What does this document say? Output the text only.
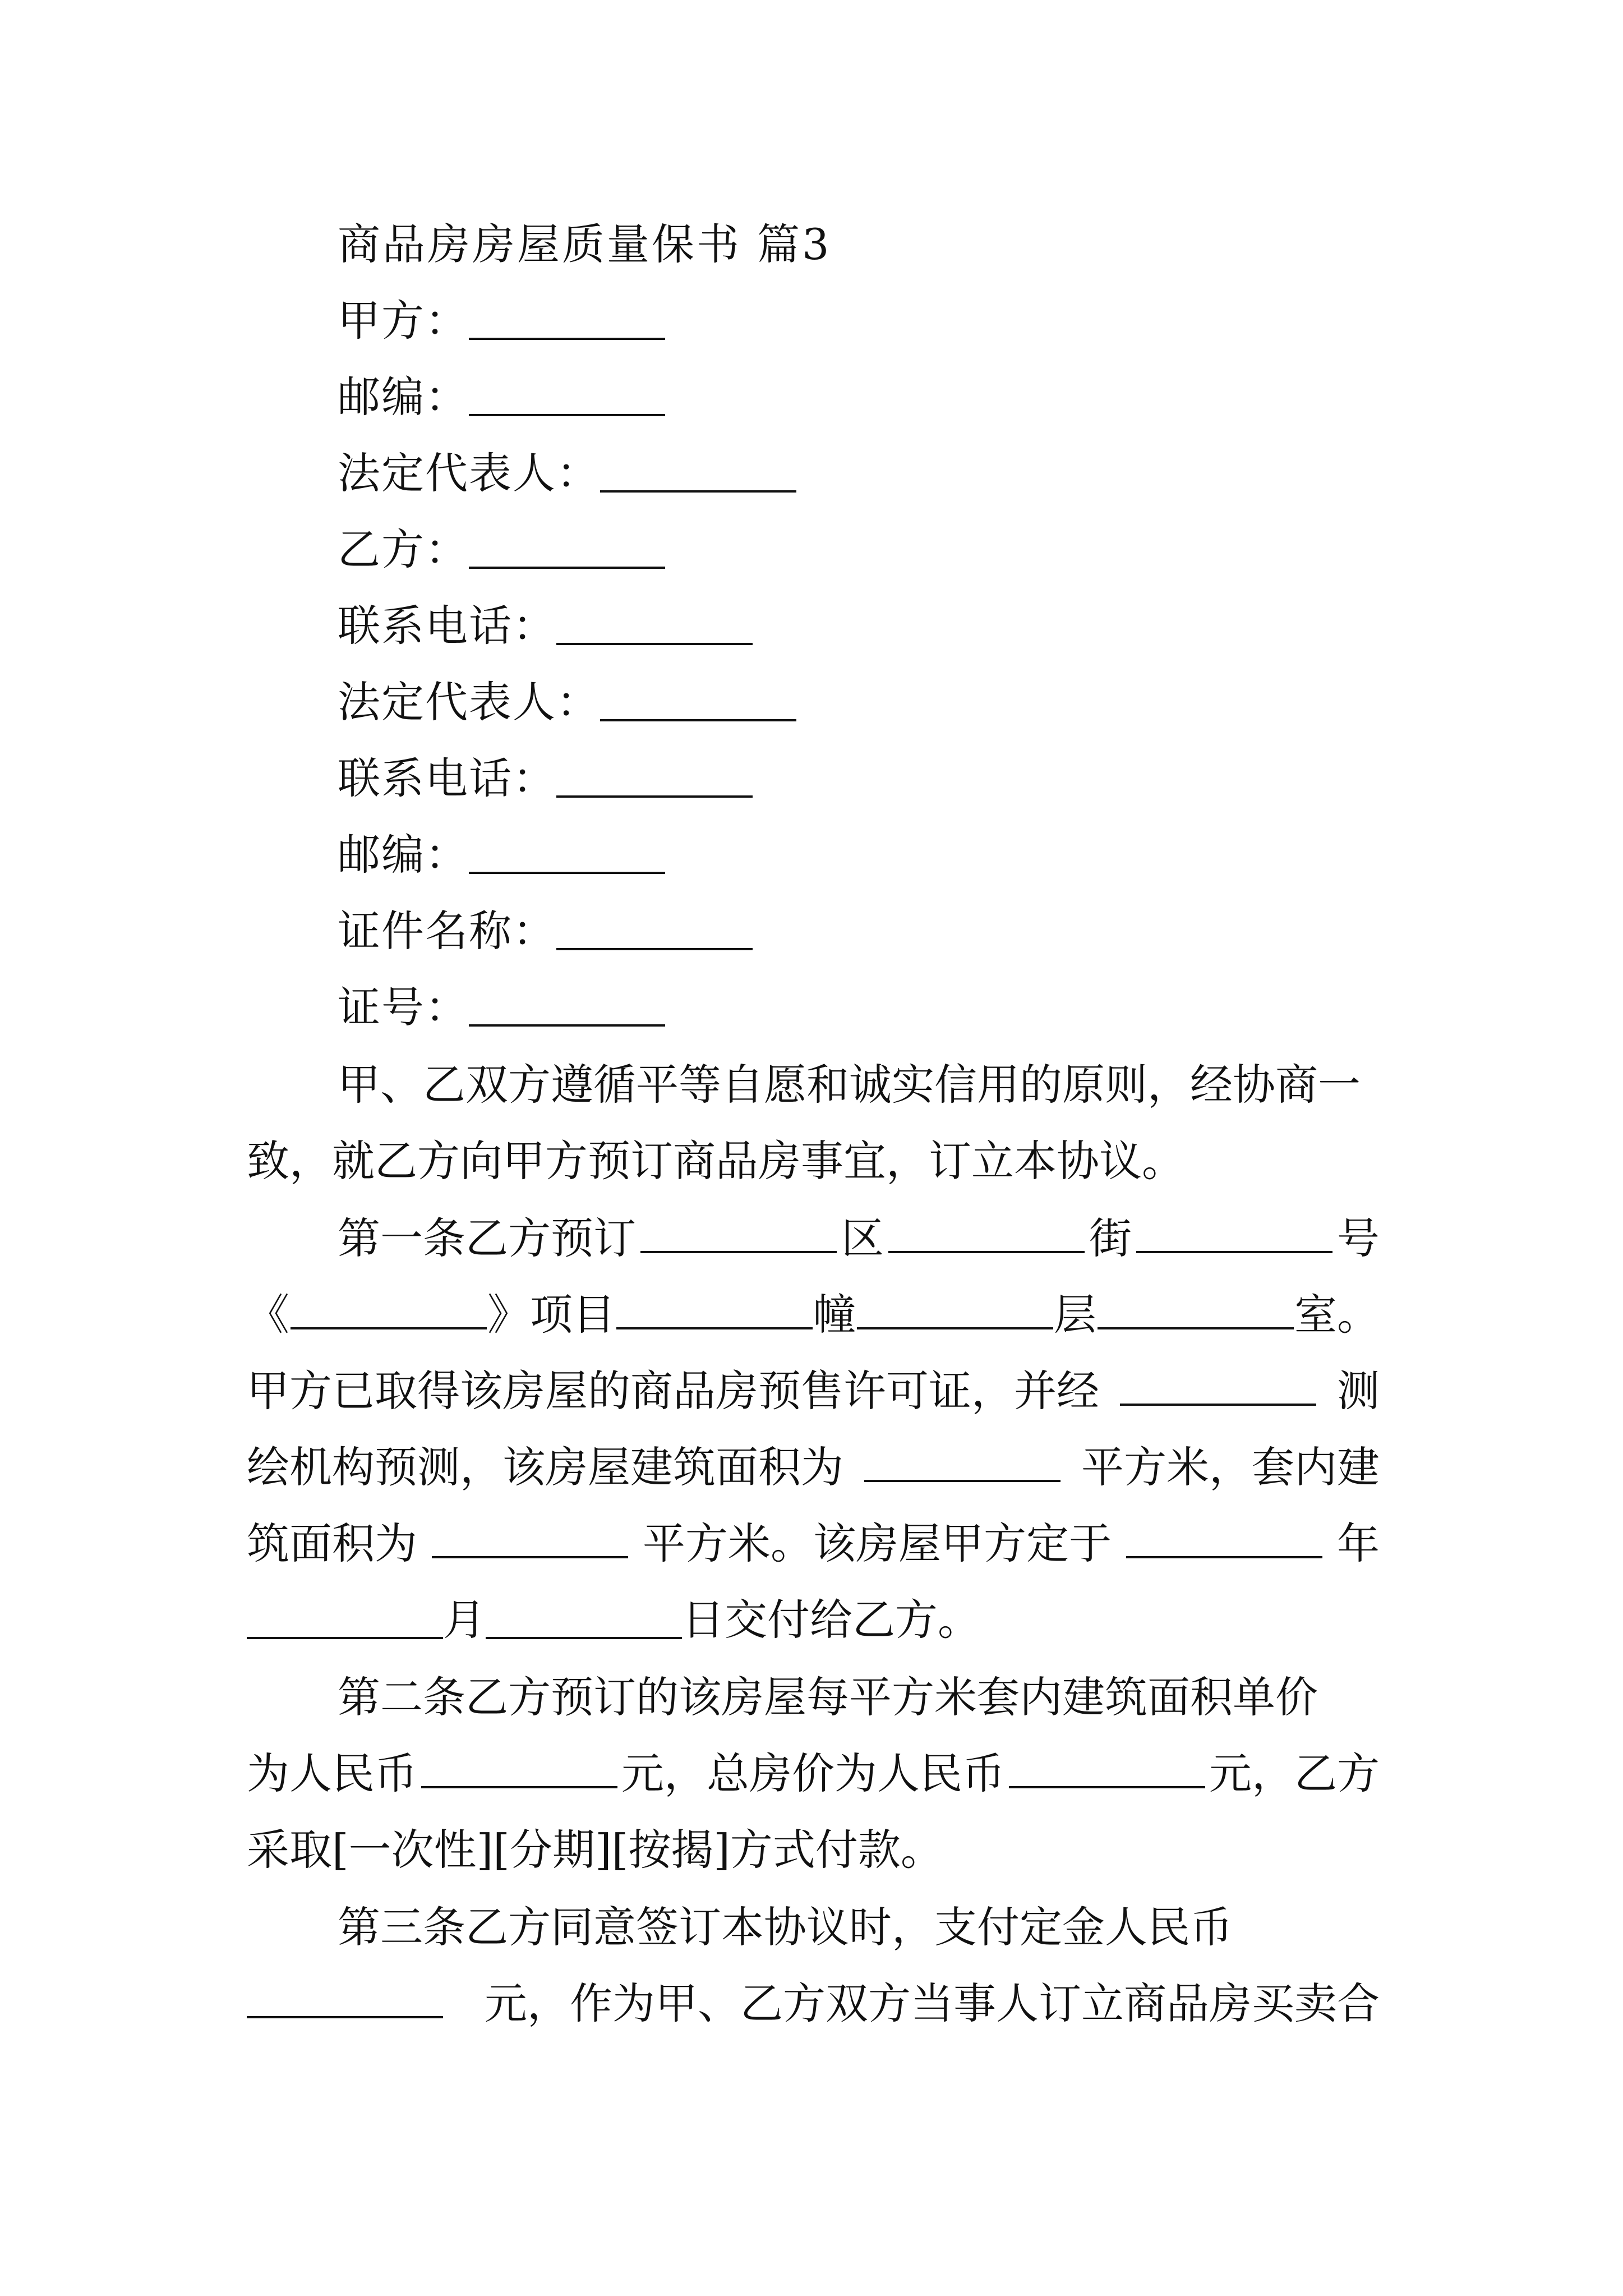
商品房房屋质量保书 篇3
甲方：
邮编：
法定代表人：
乙方：
联系电话：
法定代表人：
联系电话：
邮编：
证件名称：
证号：
甲、乙双方遵循平等自愿和诚实信用的原则，经协商一
致，就乙方向甲方预订商品房事宜，订立本协议。
第一条乙方预订	区	街	号
《	》项目	幢	层	室。
甲方已取得该房屋的商品房预售许可证，并经	测
绘机构预测，该房屋建筑面积为	平方米，套内建
筑面积为	平方米。该房屋甲方定于	年
月	日交付给乙方。
第二条乙方预订的该房屋每平方米套内建筑面积单价
为人民币	元，总房价为人民币	元，乙方
采取[一次性][分期][按揭]方式付款。
第三条乙方同意签订本协议时，支付定金人民币
元，作为甲、乙方双方当事人订立商品房买卖合
